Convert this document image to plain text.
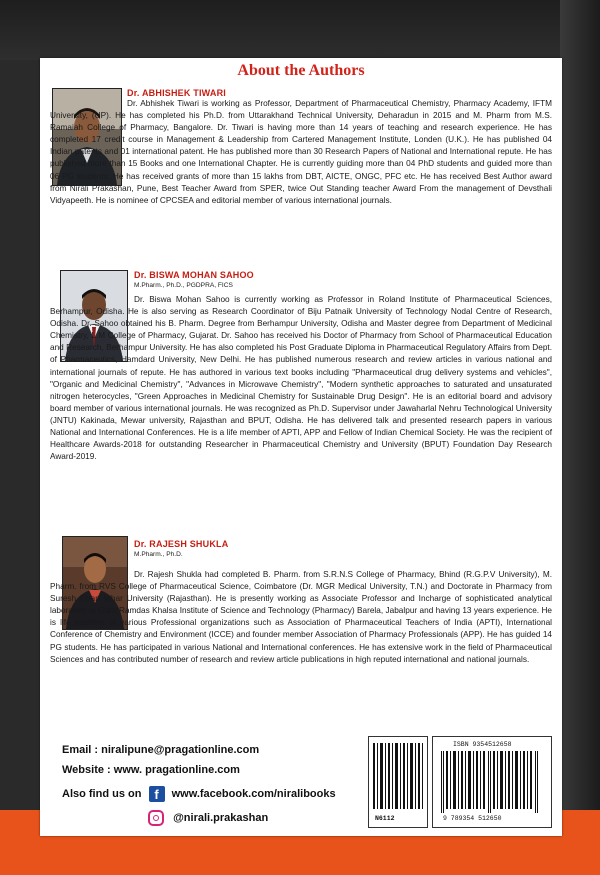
About the Authors
Dr. ABHISHEK TIWARI

Dr. Abhishek Tiwari is working as Professor, Department of Pharmaceutical Chemistry, Pharmacy Academy, IFTM University, (UP). He has completed his Ph.D. from Uttarakhand Technical University, Deharadun in 2015 and M. Pharm from M.S. Ramaiah College of Pharmacy, Bangalore. Dr. Tiwari is having more than 14 years of teaching and research experience. He has completed 17 credit course in Management & Leadership from Cartered Management Institute, Londen (U.K.). He has published 04 Indian patents and 01 international patent. He has published more than 30 Research Papers of National and International repute. He has published more than 15 Books and one International Chapter. He is currently guiding more than 04 PhD students and guided more than 06 PG students. He has received grants of more than 15 lakhs from DBT, AICTE, ONGC, PFC etc. He has received Best Author award from Nirali Prakashan, Pune, Best Teacher Award from SPER, twice Out Standing teacher Award From the management of Devsthali Vidyapeeth. He is nominee of CPCSEA and editorial member of various international journals.

Dr. BISWA MOHAN SAHOO
M.Pharm., Ph.D., PGDPRA, FICS

Dr. Biswa Mohan Sahoo is currently working as Professor in Roland Institute of Pharmaceutical Sciences, Berhampur, Odisha. He is also serving as Research Coordinator of Biju Patnaik University of Technology Nodal Centre of Research, Odisha. Dr. Sahoo obtained his B. Pharm. Degree from Berhampur University, Odisha and Master degree from Department of Medicinal Chemistry, L.M College of Pharmacy, Gujarat. Dr. Sahoo has received his Doctor of Pharmacy from School of Pharmaceutical Education and Research, Berhampur University. He has also completed his Post Graduate Diploma in Pharmaceutical Regulatory Affairs from Dept. of Pharmaceutics, Hamdard University, New Delhi. He has published numerous research and review articles in various national and international journals of repute. He has authored in various text books including "Pharmaceutical drug delivery systems and vehicles", "Organic and Medicinal Chemistry", "Advances in Microwave Chemistry", "Modern synthetic approaches to saturated and unsaturated nitrogen heterocycles, "Green Approaches in Medicinal Chemistry for Sustainable Drug Design". He is an editorial board and advisory board member of various international journals. He was recognized as Ph.D. Supervisor under Jawaharlal Nehru Technological University (JNTU) Kakinada, Mewar university, Rajasthan and BPUT, Odisha. He has delivered talk and presented research papers in various National and International Conferences. He is a life member of APTI, APP and Fellow of Indian Chemical Society. He was the recipient of Healthcare Awards-2018 for outstanding Researcher in Pharmaceutical Chemistry and University (BPUT) Foundation Day Research Award-2019.

Dr. RAJESH SHUKLA
M.Pharm., Ph.D.

Dr. Rajesh Shukla had completed B. Pharm. from S.R.N.S College of Pharmacy, Bhind (R.G.P.V University), M. Pharm. from RVS College of Pharmaceutical Science, Coimbatore (Dr. MGR Medical University, T.N.) and Doctorate in Pharmacy from Suresh Gyan Vihar University (Rajasthan). He is presently working as Associate Professor and Incharge of sophisticated analytical laboratory at Guru Ramdas Khalsa Institute of Science and Technology (Pharmacy) Barela, Jabalpur and having 13 years experience. He is life member of various Professional organizations such as Association of Pharmaceutical Teachers of India (APTI), International Conference of Chemistry and Environment (ICCE) and founder member Association of Pharmacy Professionals (APP). He has guided 14 PG students. He has participated in various National and International conferences. He has extensive work in the field of Pharmaceutical Sciences and has contributed number of research and review article publications in high reputed international and national journals.

Email : niralipune@pragationline.com
Website : www. pragationline.com
Also find us on f www.facebook.com/niralibooks
@nirali.prakashan	N6112
ISBN 9354512658
9 789354 512650
